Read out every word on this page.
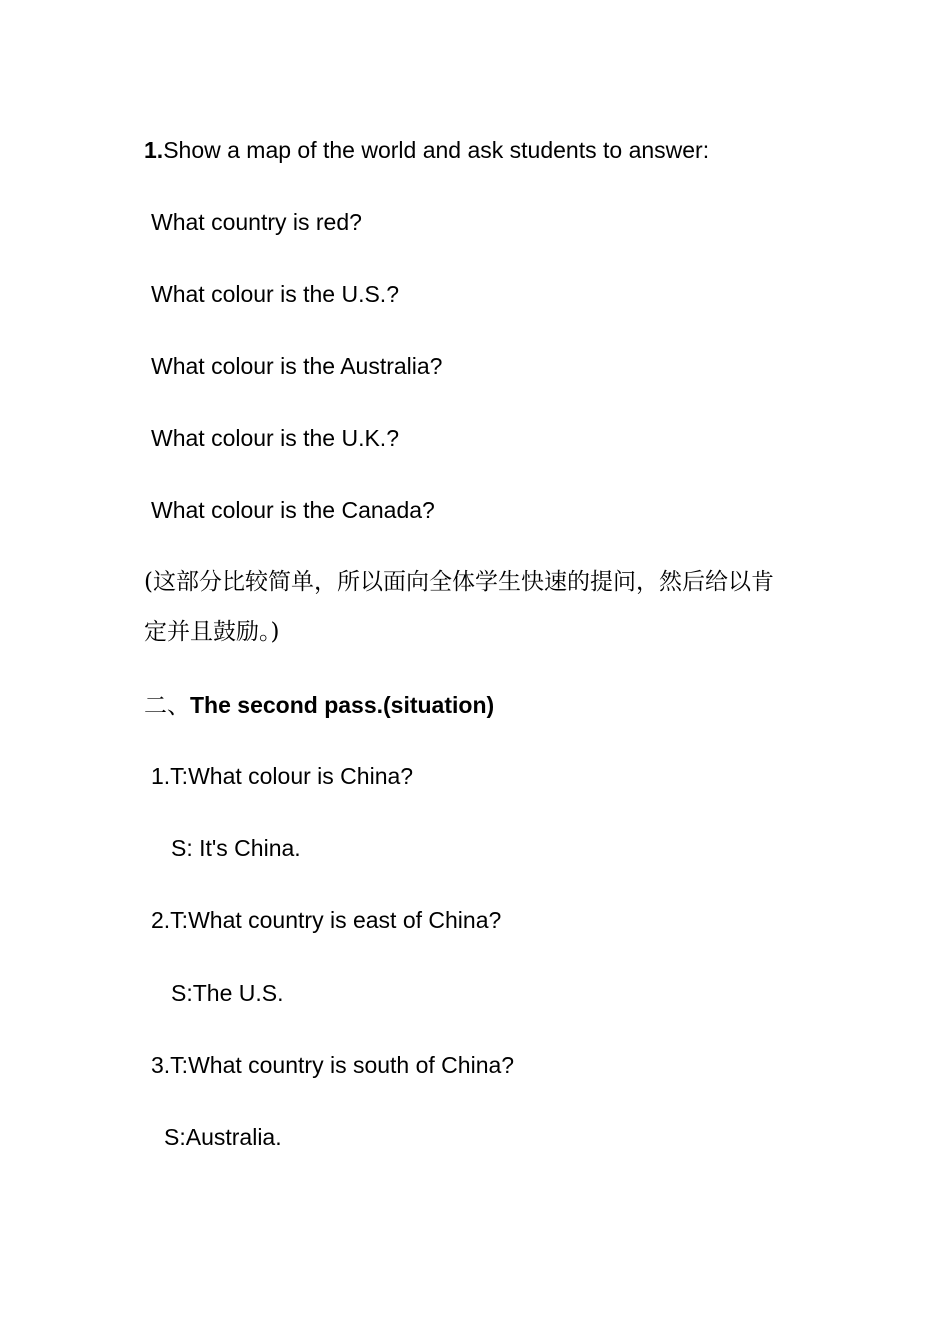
1.Show a map of the world and ask students to answer:
What country is red?
What colour is the U.S.?
What colour is the Australia?
What colour is the U.K.?
What colour is the Canada?
(这部分比较简单，所以面向全体学生快速的提问，然后给以肯
定并且鼓励。)
二、The second pass.(situation)
1.T:What colour is China?
S: It's China.
2.T:What country is east of China?
S:The U.S.
3.T:What country is south of China?
S:Australia.
